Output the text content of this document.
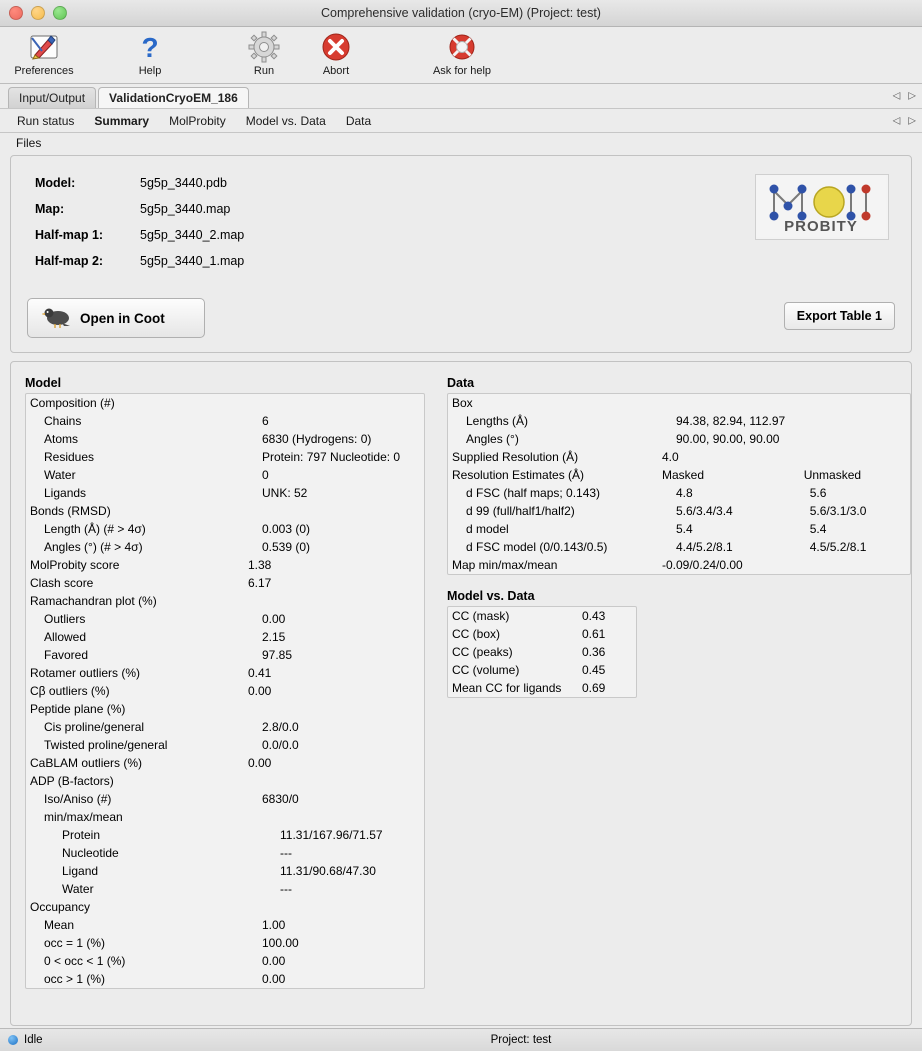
Comprehensive validation (cryo-EM) (Project: test)
Preferences
?
Help	Run	Abort	Ask for help
Input/Output	ValidationCryoEM_186	◁ ▷
Run status	Summary	MolProbity	Model vs. Data	Data	◁ ▷
Files
Model:	5g5p_3440.pdb
Map:	5g5p_3440.map
Half-map 1:	5g5p_3440_2.map
Half-map 2:	5g5p_3440_1.map
PROBITY
Open in Coot	Export Table 1
Model
Composition (#)
Chains	6
Atoms	6830 (Hydrogens: 0)
Residues	Protein: 797 Nucleotide: 0
Water	0
Ligands	UNK: 52
Bonds (RMSD)
Length (Å) (# > 4σ)	0.003 (0)
Angles (°) (# > 4σ)	0.539 (0)
MolProbity score	1.38
Clash score	6.17
Ramachandran plot (%)
Outliers	0.00
Allowed	2.15
Favored	97.85
Rotamer outliers (%)	0.41
Cβ outliers (%)	0.00
Peptide plane (%)
Cis proline/general	2.8/0.0
Twisted proline/general	0.0/0.0
CaBLAM outliers (%)	0.00
ADP (B-factors)
Iso/Aniso (#)	6830/0
min/max/mean
Protein	11.31/167.96/71.57
Nucleotide	---
Ligand	11.31/90.68/47.30
Water	---
Occupancy
Mean	1.00
occ = 1 (%)	100.00
0 < occ < 1 (%)	0.00
occ > 1 (%)	0.00
Data
Box
Lengths (Å)	94.38, 82.94, 112.97
Angles (°)	90.00, 90.00, 90.00
Supplied Resolution (Å)	4.0
Resolution Estimates (Å)	Masked	Unmasked
d FSC (half maps; 0.143)	4.8	5.6
d 99 (full/half1/half2)	5.6/3.4/3.4	5.6/3.1/3.0
d model	5.4	5.4
d FSC model (0/0.143/0.5)	4.4/5.2/8.1	4.5/5.2/8.1
Map min/max/mean	-0.09/0.24/0.00
Model vs. Data
CC (mask)	0.43
CC (box)	0.61
CC (peaks)	0.36
CC (volume)	0.45
Mean CC for ligands	0.69
Idle	Project: test
